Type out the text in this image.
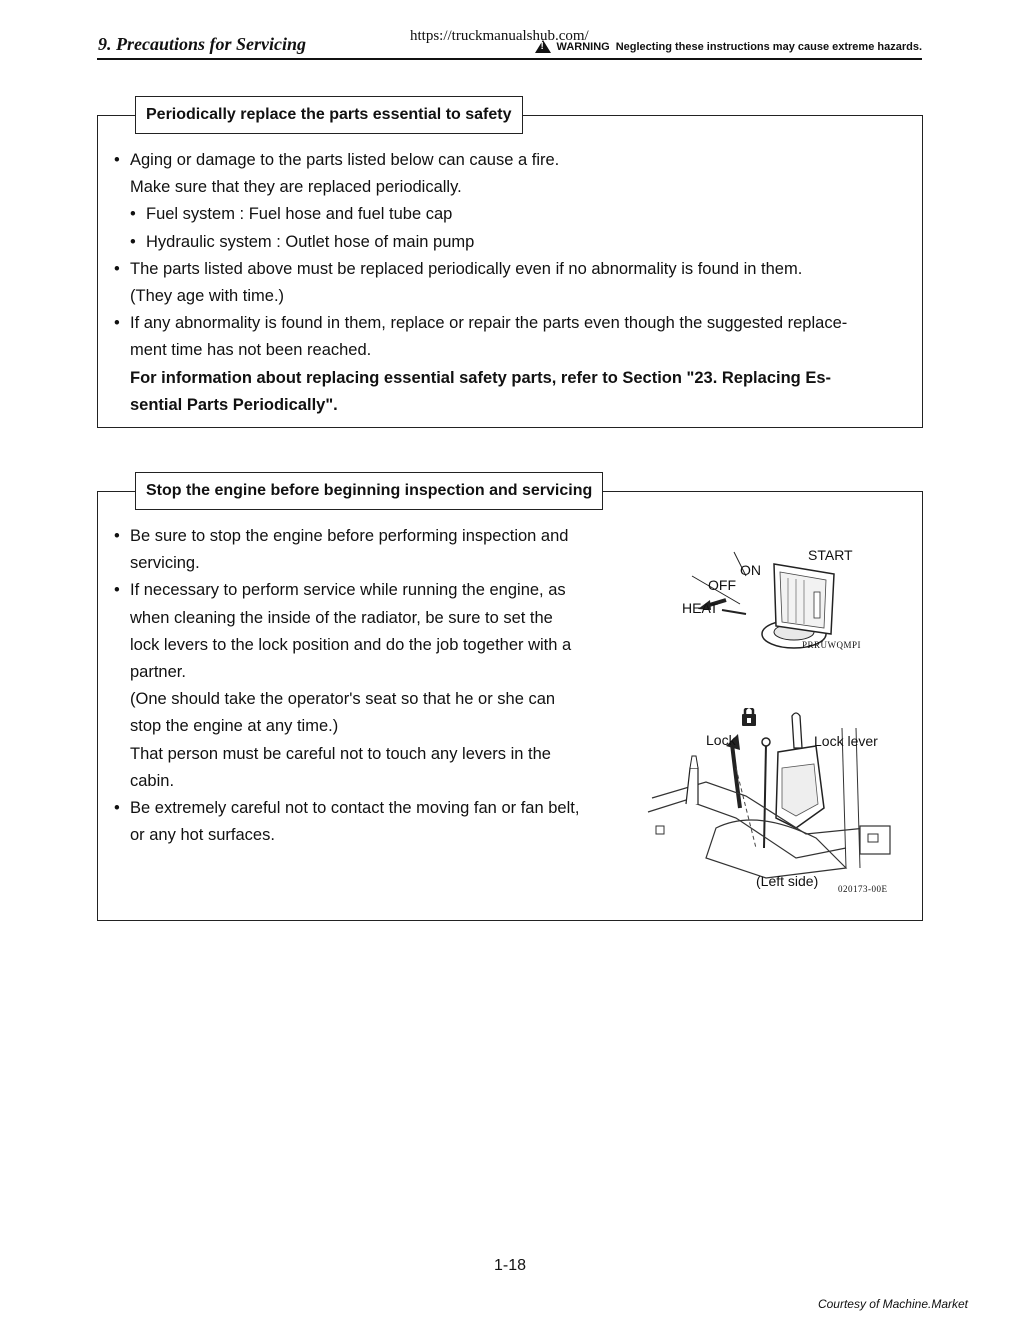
9. Precautions for Servicing	https://truckmanualshub.com/
!
WARNING Neglecting these instructions may cause extreme hazards.
Periodically replace the parts essential to safety
• Aging or damage to the parts listed below can cause a fire.
Make sure that they are replaced periodically.
• Fuel system : Fuel hose and fuel tube cap
• Hydraulic system : Outlet hose of main pump
• The parts listed above must be replaced periodically even if no abnormality is found in them.
(They age with time.)
• If any abnormality is found in them, replace or repair the parts even though the suggested replace-
ment time has not been reached.
For information about replacing essential safety parts, refer to Section "23. Replacing Es-
sential Parts Periodically".
Stop the engine before beginning inspection and servicing
• Be sure to stop the engine before performing inspection and
servicing.
• If necessary to perform service while running the engine, as
when cleaning the inside of the radiator, be sure to set the
lock levers to the lock position and do the job together with a
partner.
(One should take the operator's seat so that he or she can
stop the engine at any time.)
That person must be careful not to touch any levers in the
cabin.
• Be extremely careful not to contact the moving fan or fan belt,
or any hot surfaces.
START
ON
OFF
HEAT
PRRUWQMPI
Lock	Lock lever
(Left side) 020173-00E
1-18
Courtesy of Machine.Market
